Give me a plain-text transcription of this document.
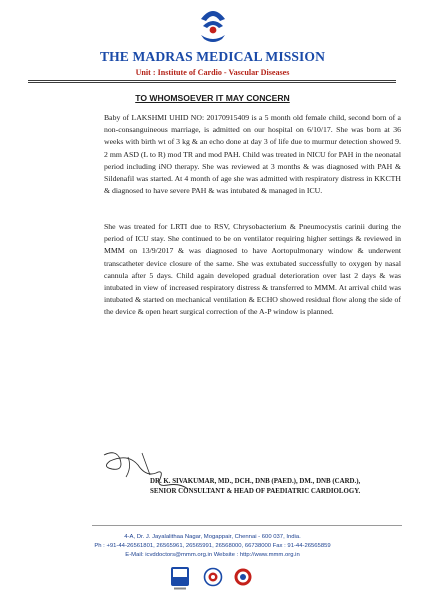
THE MADRAS MEDICAL MISSION
Unit : Institute of Cardio - Vascular Diseases
TO WHOMSOEVER IT MAY CONCERN

Baby of LAKSHMI UHID NO: 20170915409 is a 5 month old female child, second born of a non-consanguineous marriage, is admitted on our hospital on 6/10/17. She was born at 36 weeks with birth wt of 3 kg & an echo done at day 3 of life due to murmur detection showed 9. 2 mm ASD (L to R) mod TR and mod PAH. Child was treated in NICU for PAH in the neonatal period including iNO therapy. She was reviewed at 3 months & was diagnosed with PAH & Sildenafil was started. At 4 month of age she was admitted with respiratory distress in KKCTH & diagnosed to have severe PAH & was intubated & managed in ICU.

She was treated for LRTI due to RSV, Chrysobacterium & Pneumocystis carinii during the period of ICU stay. She continued to be on ventilator requiring higher settings & reviewed in MMM on 13/9/2017 & was diagnosed to have Aortopulmonary window & underwent transcatheter device closure of the same. She was extubated successfully to oxygen by nasal cannula after 5 days. Child again developed gradual deterioration over last 2 days & was intubated in view of increased respiratory distress & transferred to MMM. At arrival child was intubated & started on mechanical ventilation & ECHO showed residual flow along the side of the device & open heart surgical correction of the A-P window is planned.

DR. K. SIVAKUMAR, MD., DCH., DNB (PAED.), DM., DNB (CARD.),
SENIOR CONSULTANT & HEAD OF PAEDIATRIC CARDIOLOGY.
4-A, Dr. J. Jayalalithaa Nagar, Mogappair, Chennai - 600 037, India.
Ph : +91-44-26561801, 26565961, 26565991, 26568000, 66738000 Fax : 91-44-26565859
E-Mail: icvddoctors@mmm.org.in Website : http://www.mmm.org.in
